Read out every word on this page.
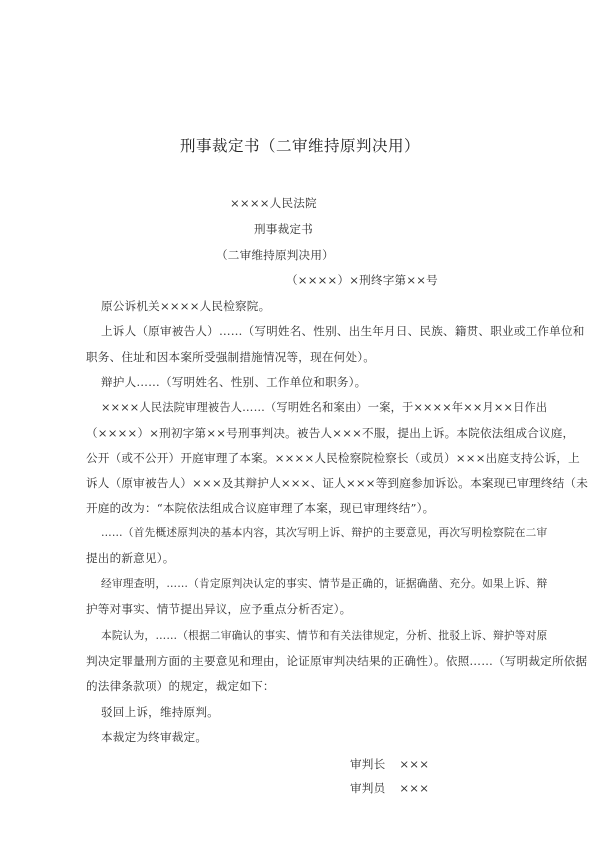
刑事裁定书（二审维持原判决用）
××××人民法院
刑事裁定书
（二审维持原判决用）
（××××）×刑终字第××号
原公诉机关××××人民检察院。
上诉人（原审被告人）……（写明姓名、性别、出生年月日、民族、籍贯、职业或工作单位和
职务、住址和因本案所受强制措施情况等，现在何处）。
辩护人……（写明姓名、性别、工作单位和职务）。
××××人民法院审理被告人……（写明姓名和案由）一案，于××××年××月××日作出
（××××）×刑初字第××号刑事判决。被告人×××不服，提出上诉。本院依法组成合议庭，
公开（或不公开）开庭审理了本案。××××人民检察院检察长（或员）×××出庭支持公诉，上
诉人（原审被告人）×××及其辩护人×××、证人×××等到庭参加诉讼。本案现已审理终结（未
开庭的改为：“本院依法组成合议庭审理了本案，现已审理终结”）。
……（首先概述原判决的基本内容，其次写明上诉、辩护的主要意见，再次写明检察院在二审
提出的新意见）。
经审理查明，……（肯定原判决认定的事实、情节是正确的，证据确凿、充分。如果上诉、辩
护等对事实、情节提出异议，应予重点分析否定）。
本院认为，……（根据二审确认的事实、情节和有关法律规定，分析、批驳上诉、辩护等对原
判决定罪量刑方面的主要意见和理由，论证原审判决结果的正确性）。依照……（写明裁定所依据
的法律条款项）的规定，裁定如下：
驳回上诉，维持原判。
本裁定为终审裁定。
审判长 ×××
审判员 ×××
